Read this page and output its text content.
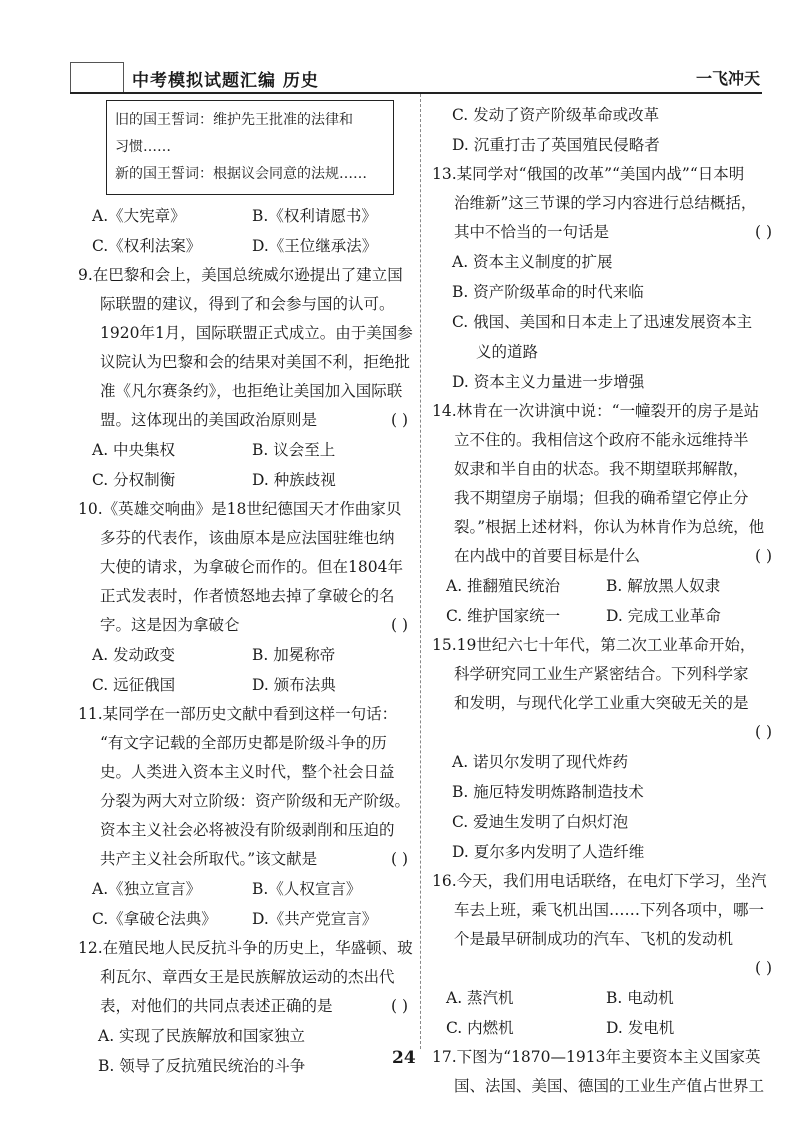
中考模拟试题汇编 历史	一飞冲天
旧的国王誓词：维护先王批准的法律和
习惯……
新的国王誓词：根据议会同意的法规……
A.《大宪章》	B.《权利请愿书》
C.《权利法案》	D.《王位继承法》
9.在巴黎和会上，美国总统威尔逊提出了建立国
际联盟的建议，得到了和会参与国的认可。
1920年1月，国际联盟正式成立。由于美国参
议院认为巴黎和会的结果对美国不利，拒绝批
准《凡尔赛条约》，也拒绝让美国加入国际联
盟。这体现出的美国政治原则是	( )
A. 中央集权	B. 议会至上
C. 分权制衡	D. 种族歧视
10.《英雄交响曲》是18世纪德国天才作曲家贝
多芬的代表作，该曲原本是应法国驻维也纳
大使的请求，为拿破仑而作的。但在1804年
正式发表时，作者愤怒地去掉了拿破仑的名
字。这是因为拿破仑	( )
A. 发动政变	B. 加冕称帝
C. 远征俄国	D. 颁布法典
11.某同学在一部历史文献中看到这样一句话：
“有文字记载的全部历史都是阶级斗争的历
史。人类进入资本主义时代，整个社会日益
分裂为两大对立阶级：资产阶级和无产阶级。
资本主义社会必将被没有阶级剥削和压迫的
共产主义社会所取代。”该文献是	( )
A.《独立宣言》	B.《人权宣言》
C.《拿破仑法典》	D.《共产党宣言》
12.在殖民地人民反抗斗争的历史上，华盛顿、玻
利瓦尔、章西女王是民族解放运动的杰出代
表，对他们的共同点表述正确的是	( )
A. 实现了民族解放和国家独立
B. 领导了反抗殖民统治的斗争
C. 发动了资产阶级革命或改革
D. 沉重打击了英国殖民侵略者
13.某同学对“俄国的改革”“美国内战”“日本明
治维新”这三节课的学习内容进行总结概括，
其中不恰当的一句话是	( )
A. 资本主义制度的扩展
B. 资产阶级革命的时代来临
C. 俄国、美国和日本走上了迅速发展资本主
义的道路
D. 资本主义力量进一步增强
14.林肯在一次讲演中说：“一幢裂开的房子是站
立不住的。我相信这个政府不能永远维持半
奴隶和半自由的状态。我不期望联邦解散，
我不期望房子崩塌；但我的确希望它停止分
裂。”根据上述材料，你认为林肯作为总统，他
在内战中的首要目标是什么	( )
A. 推翻殖民统治	B. 解放黑人奴隶
C. 维护国家统一	D. 完成工业革命
15.19世纪六七十年代，第二次工业革命开始，
科学研究同工业生产紧密结合。下列科学家
和发明，与现代化学工业重大突破无关的是
( )
A. 诺贝尔发明了现代炸药
B. 施厄特发明炼路制造技术
C. 爱迪生发明了白炽灯泡
D. 夏尔多内发明了人造纤维
16.今天，我们用电话联络，在电灯下学习，坐汽
车去上班，乘飞机出国……下列各项中，哪一
个是最早研制成功的汽车、飞机的发动机
( )
A. 蒸汽机	B. 电动机
C. 内燃机	D. 发电机
17.下图为“1870—1913年主要资本主义国家英
国、法国、美国、德国的工业生产值占世界工
24
